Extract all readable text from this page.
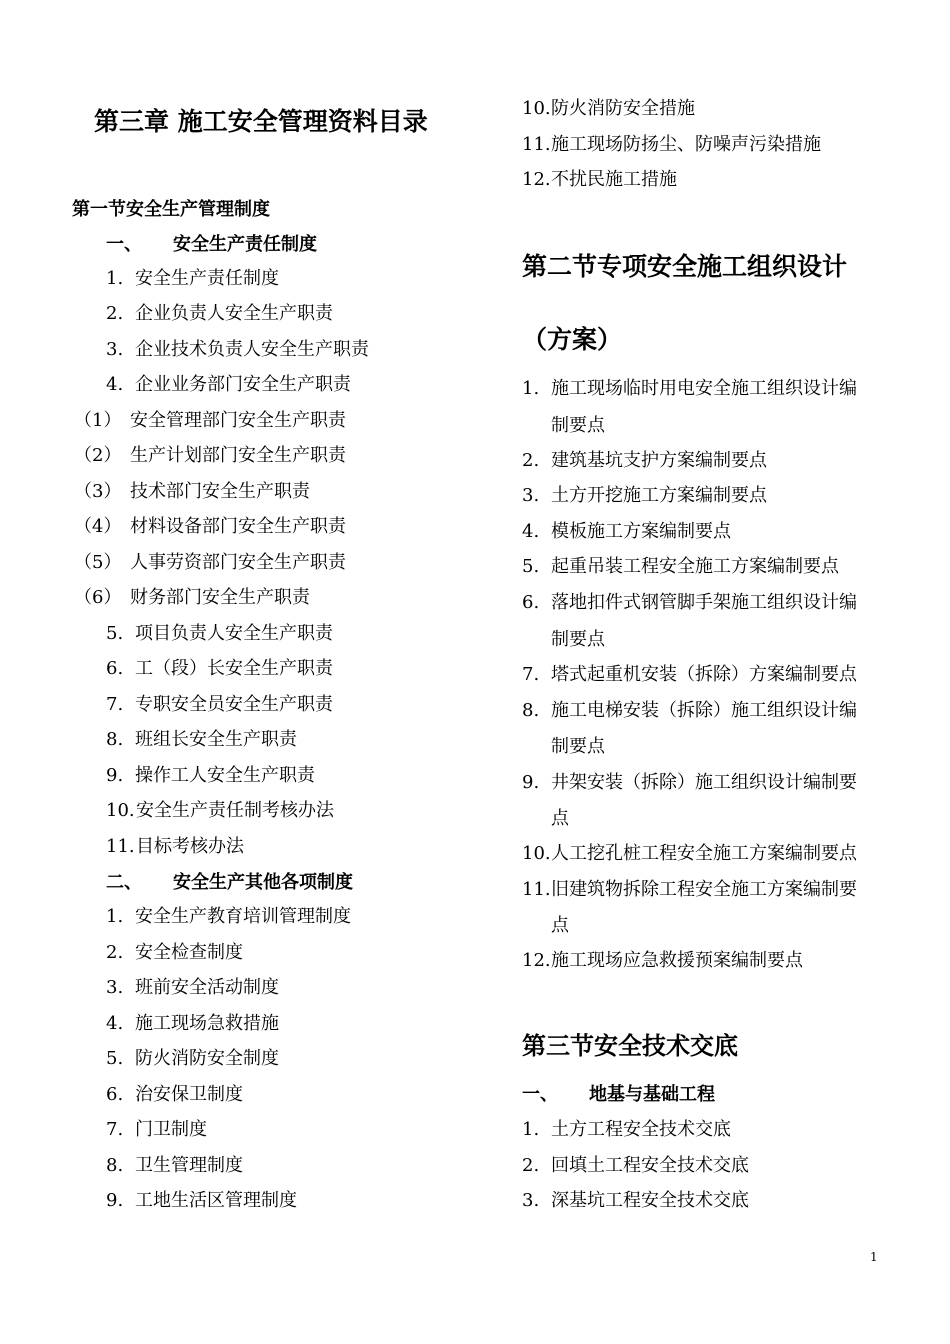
第三章 施工安全管理资料目录
第一节安全生产管理制度
一、 安全生产责任制度
1. 安全生产责任制度
2. 企业负责人安全生产职责
3. 企业技术负责人安全生产职责
4. 企业业务部门安全生产职责
（1） 安全管理部门安全生产职责
（2） 生产计划部门安全生产职责
（3） 技术部门安全生产职责
（4） 材料设备部门安全生产职责
（5） 人事劳资部门安全生产职责
（6） 财务部门安全生产职责
5. 项目负责人安全生产职责
6. 工（段）长安全生产职责
7. 专职安全员安全生产职责
8. 班组长安全生产职责
9. 操作工人安全生产职责
10. 安全生产责任制考核办法
11. 目标考核办法
二、 安全生产其他各项制度
1. 安全生产教育培训管理制度
2. 安全检查制度
3. 班前安全活动制度
4. 施工现场急救措施
5. 防火消防安全制度
6. 治安保卫制度
7. 门卫制度
8. 卫生管理制度
9. 工地生活区管理制度
10. 防火消防安全措施
11. 施工现场防扬尘、防噪声污染措施
12. 不扰民施工措施
第二节专项安全施工组织设计
（方案）
1. 施工现场临时用电安全施工组织设计编
制要点
2. 建筑基坑支护方案编制要点
3. 土方开挖施工方案编制要点
4. 模板施工方案编制要点
5. 起重吊装工程安全施工方案编制要点
6. 落地扣件式钢管脚手架施工组织设计编
制要点
7. 塔式起重机安装（拆除）方案编制要点
8. 施工电梯安装（拆除）施工组织设计编
制要点
9. 井架安装（拆除）施工组织设计编制要
点
10. 人工挖孔桩工程安全施工方案编制要点
11. 旧建筑物拆除工程安全施工方案编制要
点
12. 施工现场应急救援预案编制要点
第三节安全技术交底
一、 地基与基础工程
1. 土方工程安全技术交底
2. 回填土工程安全技术交底
3. 深基坑工程安全技术交底
1
